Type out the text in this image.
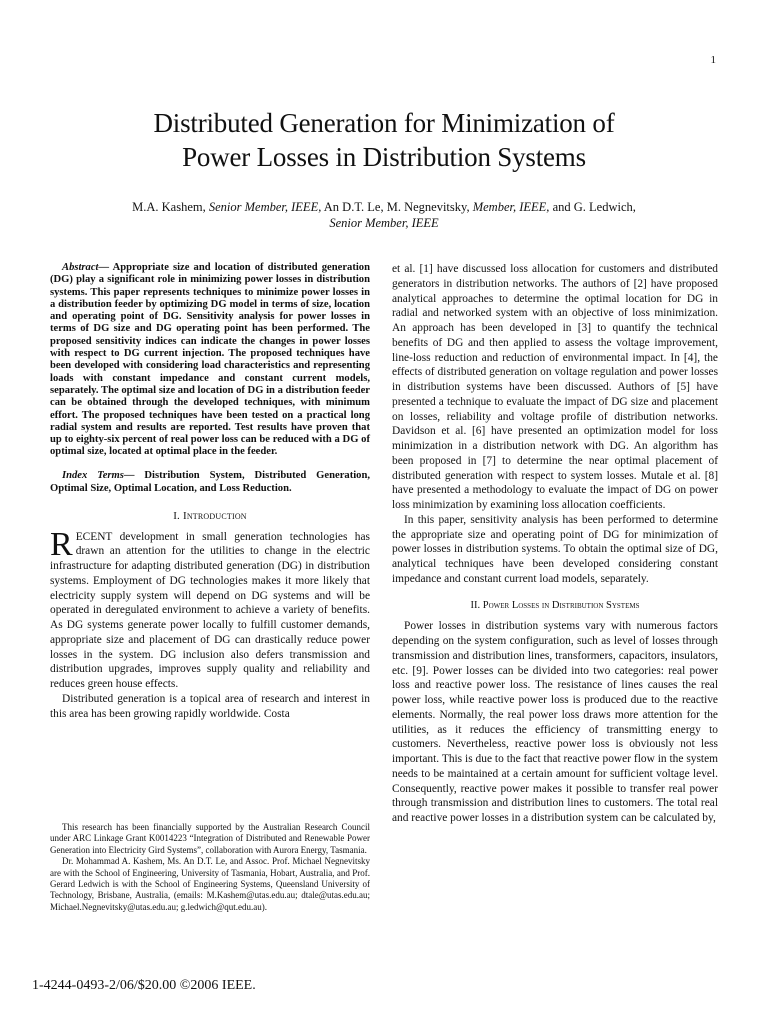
1
Distributed Generation for Minimization of
Power Losses in Distribution Systems
M.A. Kashem, Senior Member, IEEE, An D.T. Le, M. Negnevitsky, Member, IEEE, and G. Ledwich,
Senior Member, IEEE

Abstract— Appropriate size and location of distributed generation (DG) play a significant role in minimizing power losses in distribution systems. This paper represents techniques to minimize power losses in a distribution feeder by optimizing DG model in terms of size, location and operating point of DG. Sensitivity analysis for power losses in terms of DG size and DG operating point has been performed. The proposed sensitivity indices can indicate the changes in power losses with respect to DG current injection. The proposed techniques have been developed with considering load characteristics and representing loads with constant impedance and constant current models, separately. The optimal size and location of DG in a distribution feeder can be obtained through the developed techniques, with minimum effort. The proposed techniques have been tested on a practical long radial system and results are reported. Test results have proven that up to eighty-six percent of real power loss can be reduced with a DG of optimal size, located at optimal place in the feeder.

Index Terms— Distribution System, Distributed Generation, Optimal Size, Optimal Location, and Loss Reduction.

I. Introduction

RECENT development in small generation technologies has drawn an attention for the utilities to change in the electric infrastructure for adapting distributed generation (DG) in distribution systems. Employment of DG technologies makes it more likely that electricity supply system will depend on DG systems and will be operated in deregulated environment to achieve a variety of benefits. As DG systems generate power locally to fulfill customer demands, appropriate size and placement of DG can drastically reduce power losses in the system. DG inclusion also defers transmission and distribution upgrades, improves supply quality and reliability and reduces green house effects.

Distributed generation is a topical area of research and interest in this area has been growing rapidly worldwide. Costa

This research has been financially supported by the Australian Research Council under ARC Linkage Grant K0014223 “Integration of Distributed and Renewable Power Generation into Electricity Gird Systems”, collaboration with Aurora Energy, Tasmania.

Dr. Mohammad A. Kashem, Ms. An D.T. Le, and Assoc. Prof. Michael Negnevitsky are with the School of Engineering, University of Tasmania, Hobart, Australia, and Prof. Gerard Ledwich is with the School of Engineering Systems, Queensland University of Technology, Brisbane, Australia, (emails: M.Kashem@utas.edu.au; dtale@utas.edu.au; Michael.Negnevitsky@utas.edu.au; g.ledwich@qut.edu.au).

et al. [1] have discussed loss allocation for customers and distributed generators in distribution networks. The authors of [2] have proposed analytical approaches to determine the optimal location for DG in radial and networked system with an objective of loss minimization. An approach has been developed in [3] to quantify the technical benefits of DG and then applied to assess the voltage improvement, line-loss reduction and reduction of environmental impact. In [4], the effects of distributed generation on voltage regulation and power losses in distribution systems have been discussed. Authors of [5] have presented a technique to evaluate the impact of DG size and placement on losses, reliability and voltage profile of distribution networks. Davidson et al. [6] have presented an optimization model for loss minimization in a distribution network with DG. An algorithm has been proposed in [7] to determine the near optimal placement of distributed generation with respect to system losses. Mutale et al. [8] have presented a methodology to evaluate the impact of DG on power loss minimization by examining loss allocation coefficients.

In this paper, sensitivity analysis has been performed to determine the appropriate size and operating point of DG for minimization of power losses in distribution systems. To obtain the optimal size of DG, analytical techniques have been developed considering constant impedance and constant current load models, separately.

II. Power Losses in Distribution Systems

Power losses in distribution systems vary with numerous factors depending on the system configuration, such as level of losses through transmission and distribution lines, transformers, capacitors, insulators, etc. [9]. Power losses can be divided into two categories: real power loss and reactive power loss. The resistance of lines causes the real power loss, while reactive power loss is produced due to the reactive elements. Normally, the real power loss draws more attention for the utilities, as it reduces the efficiency of transmitting energy to customers. Nevertheless, reactive power loss is obviously not less important. This is due to the fact that reactive power flow in the system needs to be maintained at a certain amount for sufficient voltage level. Consequently, reactive power makes it possible to transfer real power through transmission and distribution lines to customers. The total real and reactive power losses in a distribution system can be calculated by,

1-4244-0493-2/06/$20.00 ©2006 IEEE.
